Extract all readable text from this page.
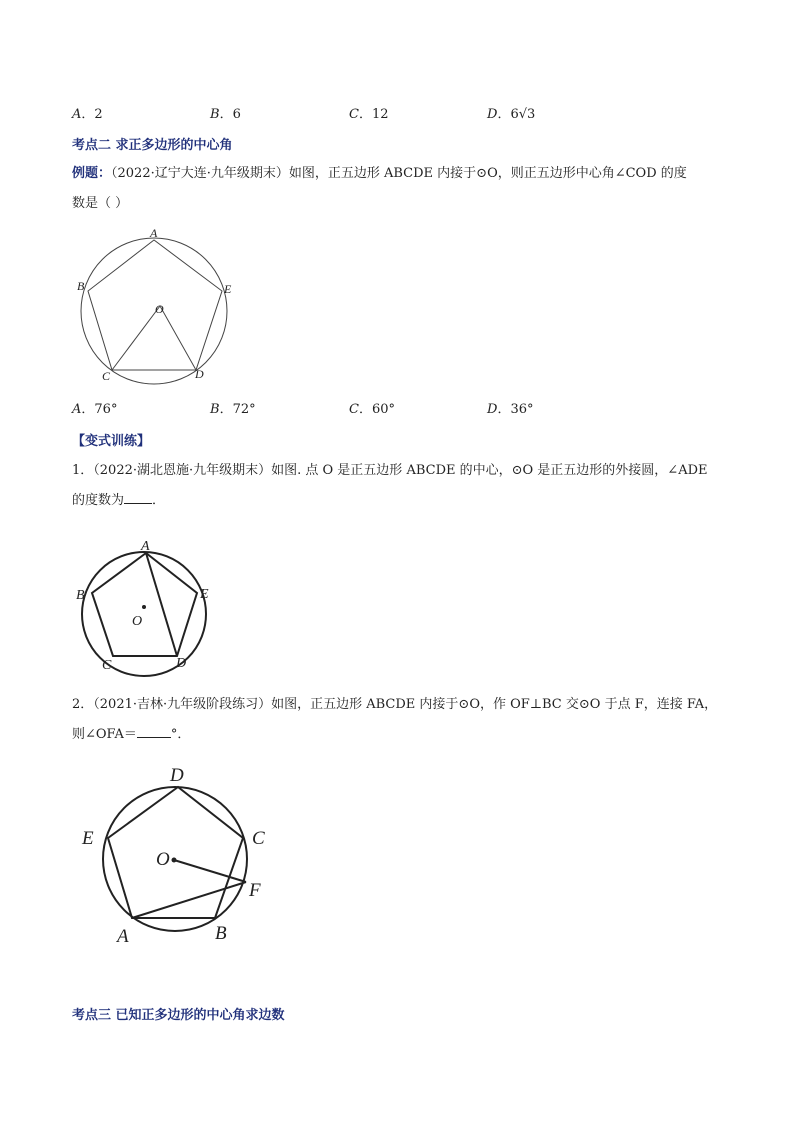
A．2	B．6	C．12	D．6√3
考点二 求正多边形的中心角
例题：（2022·辽宁大连·九年级期末）如图，正五边形 ABCDE 内接于⊙O，则正五边形中心角∠COD 的度
数是（ ）
A
B
C	D
E
O
A．76°	B．72°	C．60°	D．36°
【变式训练】
1．（2022·湖北恩施·九年级期末）如图. 点 O 是正五边形 ABCDE 的中心，⊙O 是正五边形的外接圆，∠ADE
的度数为 ．
A
B
C	D
E
O
2．（2021·吉林·九年级阶段练习）如图，正五边形 ABCDE 内接于⊙O，作 OF⊥BC 交⊙O 于点 F，连接 FA，
则∠OFA＝	°．
D
E	C
O
F
A	B
考点三 已知正多边形的中心角求边数
